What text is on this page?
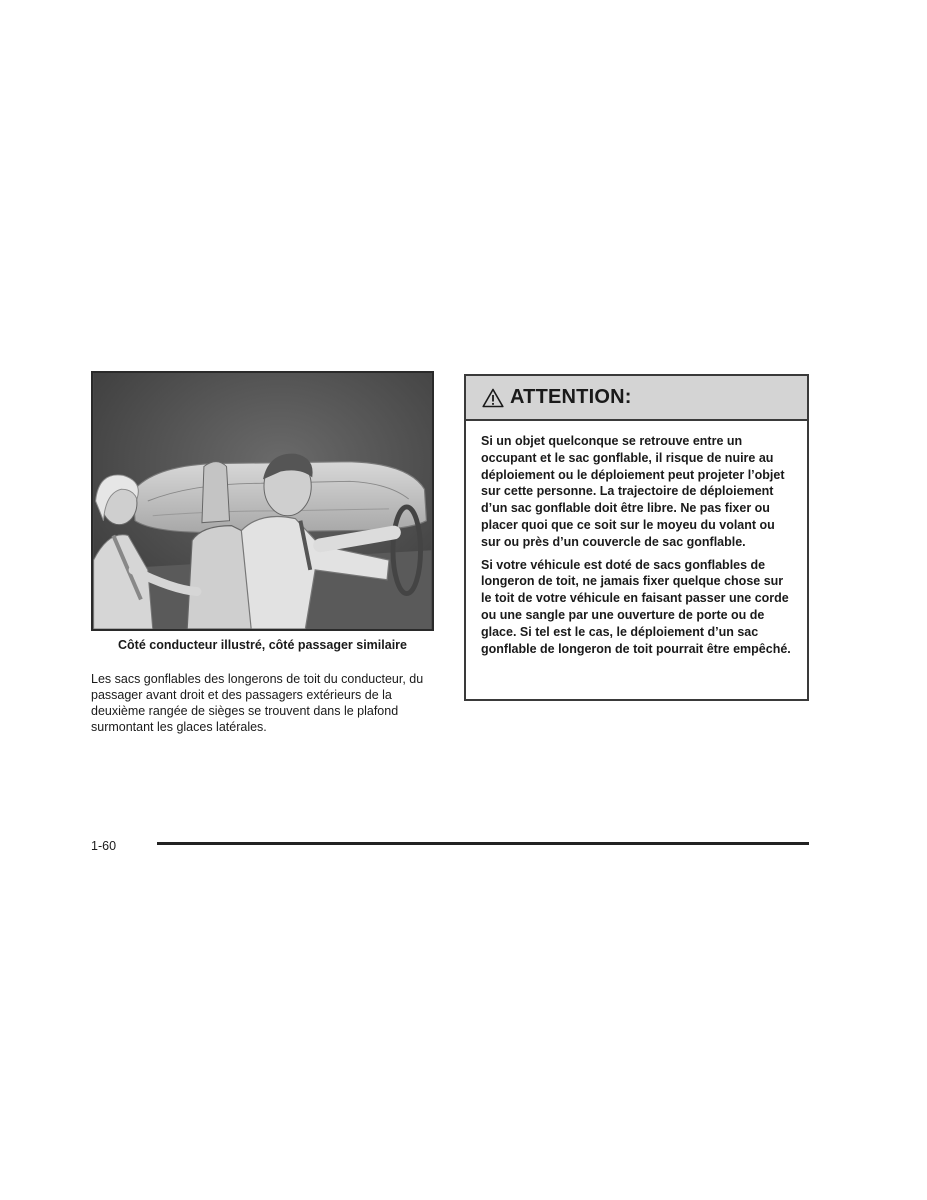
Côté conducteur illustré, côté passager similaire

Les sacs gonflables des longerons de toit du conducteur, du passager avant droit et des passagers extérieurs de la deuxième rangée de sièges se trouvent dans le plafond surmontant les glaces latérales.

ATTENTION:

Si un objet quelconque se retrouve entre un occupant et le sac gonflable, il risque de nuire au déploiement ou le déploiement peut projeter l’objet sur cette personne. La trajectoire de déploiement d’un sac gonflable doit être libre. Ne pas fixer ou placer quoi que ce soit sur le moyeu du volant ou sur ou près d’un couvercle de sac gonflable.

Si votre véhicule est doté de sacs gonflables de longeron de toit, ne jamais fixer quelque chose sur le toit de votre véhicule en faisant passer une corde ou une sangle par une ouverture de porte ou de glace. Si tel est le cas, le déploiement d’un sac gonflable de longeron de toit pourrait être empêché.

1-60
